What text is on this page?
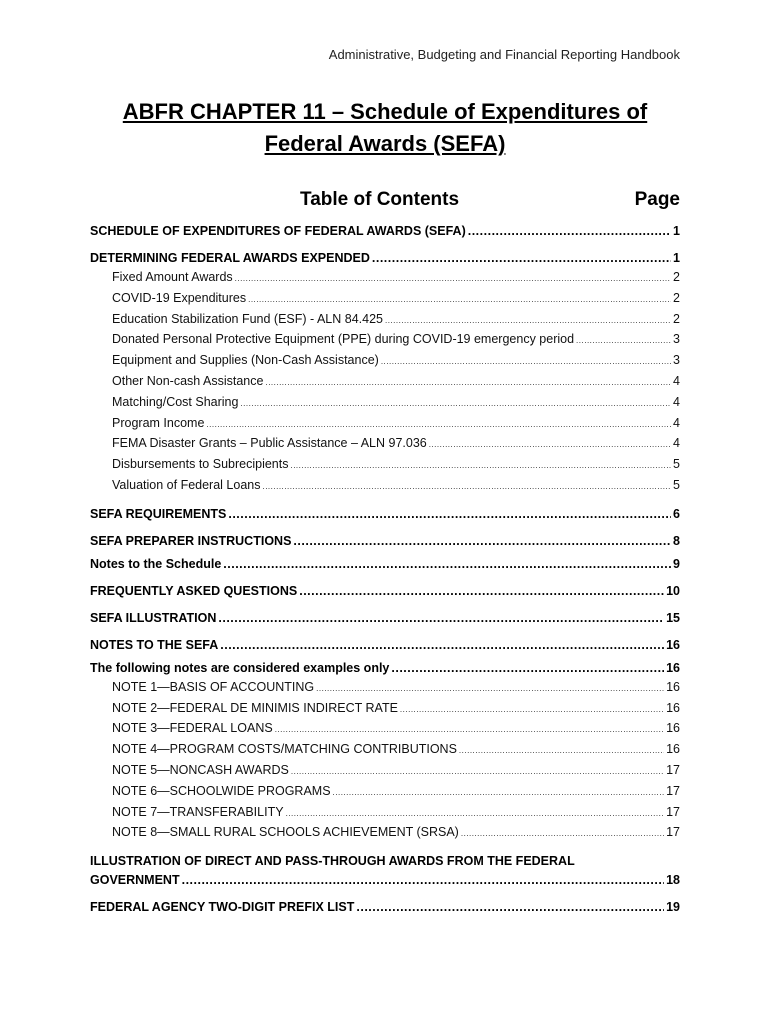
Administrative, Budgeting and Financial Reporting Handbook
ABFR CHAPTER 11 – Schedule of Expenditures of
Federal Awards (SEFA)
Table of Contents	Page
SCHEDULE OF EXPENDITURES OF FEDERAL AWARDS (SEFA) .....	1
DETERMINING FEDERAL AWARDS EXPENDED .....	1
Fixed Amount Awards .....	2
COVID-19 Expenditures .....	2
Education Stabilization Fund (ESF) - ALN 84.425 .....	2
Donated Personal Protective Equipment (PPE) during COVID-19 emergency period .....	3
Equipment and Supplies (Non-Cash Assistance) .....	3
Other Non-cash Assistance .....	4
Matching/Cost Sharing .....	4
Program Income .....	4
FEMA Disaster Grants – Public Assistance – ALN 97.036 .....	4
Disbursements to Subrecipients .....	5
Valuation of Federal Loans .....	5
SEFA REQUIREMENTS .....	6
SEFA PREPARER INSTRUCTIONS .....	8
Notes to the Schedule .....	9
FREQUENTLY ASKED QUESTIONS .....	10
SEFA ILLUSTRATION .....	15
NOTES TO THE SEFA .....	16
The following notes are considered examples only .....	16
NOTE 1—BASIS OF ACCOUNTING .....	16
NOTE 2—FEDERAL DE MINIMIS INDIRECT RATE .....	16
NOTE 3—FEDERAL LOANS .....	16
NOTE 4—PROGRAM COSTS/MATCHING CONTRIBUTIONS .....	16
NOTE 5—NONCASH AWARDS .....	17
NOTE 6—SCHOOLWIDE PROGRAMS .....	17
NOTE 7—TRANSFERABILITY .....	17
NOTE 8—SMALL RURAL SCHOOLS ACHIEVEMENT (SRSA) .....	17
ILLUSTRATION OF DIRECT AND PASS-THROUGH AWARDS FROM THE FEDERAL
GOVERNMENT .....	18
FEDERAL AGENCY TWO-DIGIT PREFIX LIST .....	19
